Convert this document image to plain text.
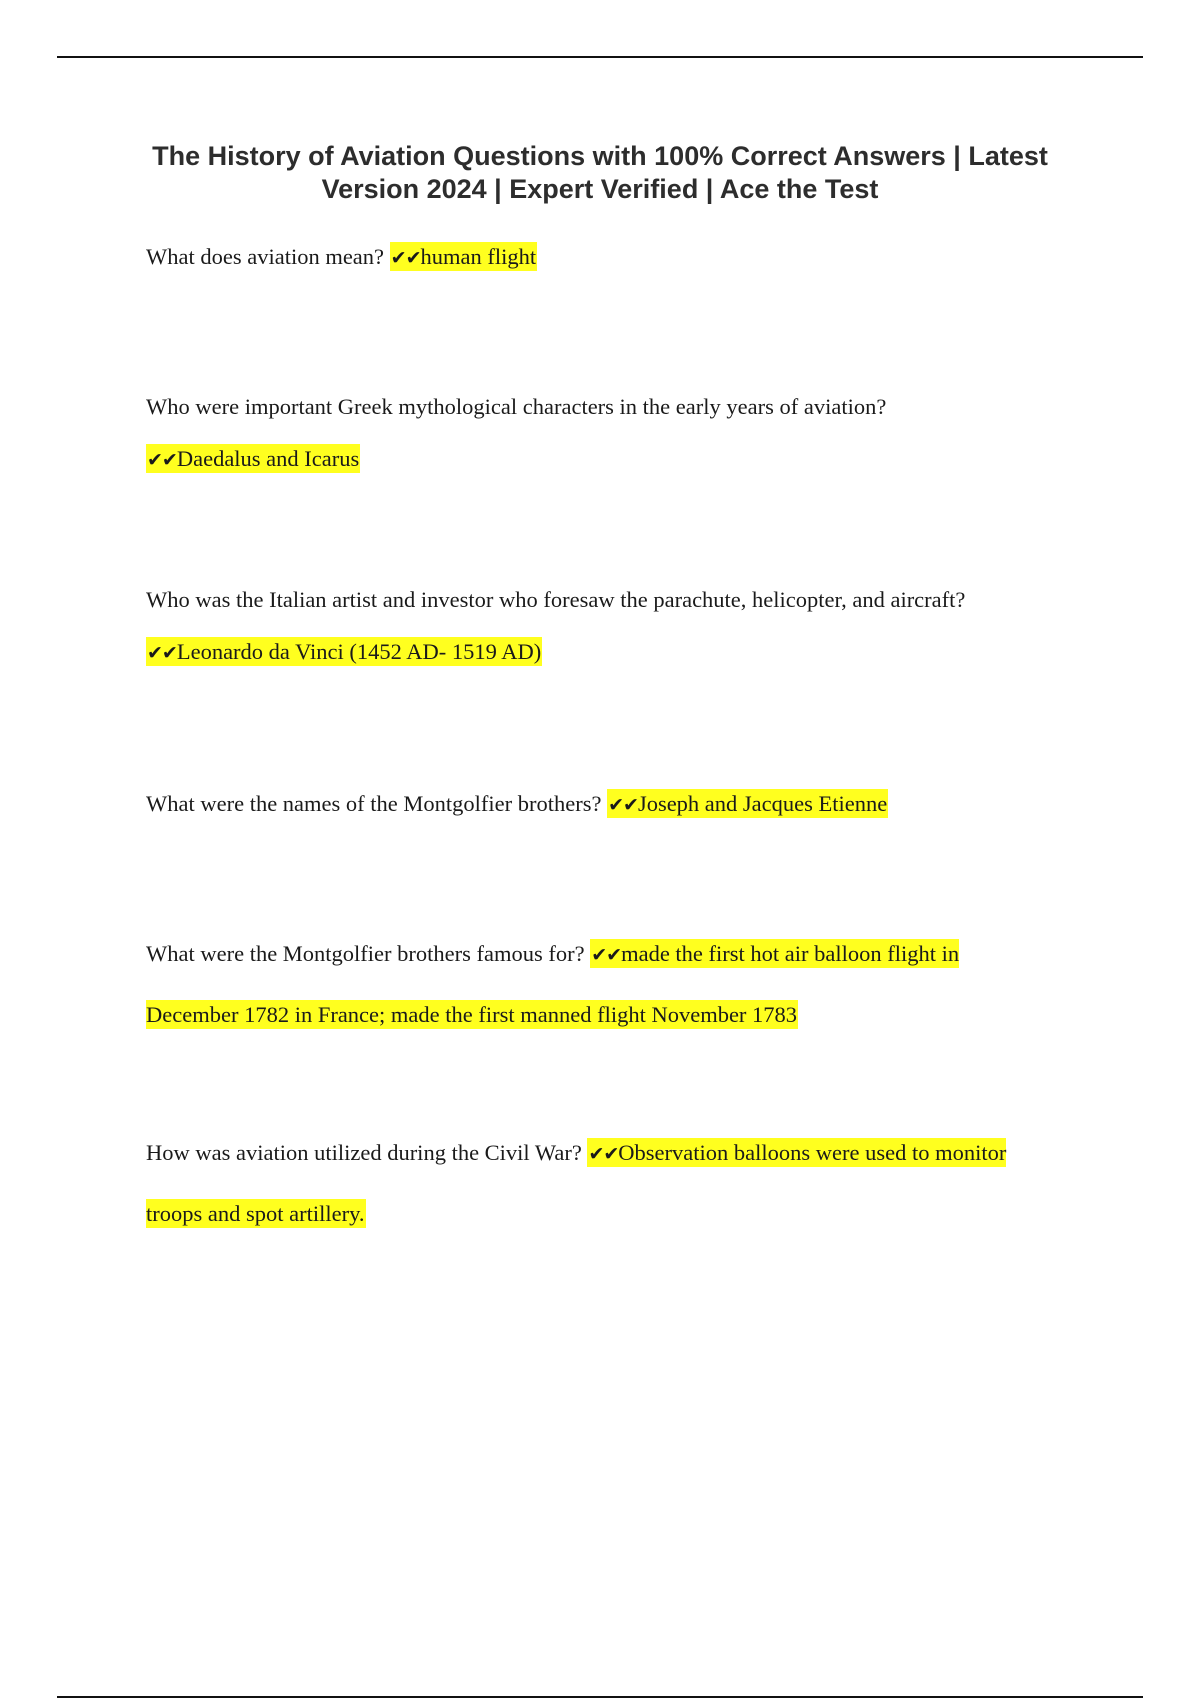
The History of Aviation Questions with 100% Correct Answers | Latest Version 2024 | Expert Verified | Ace the Test

What does aviation mean? ✔✔human flight

Who were important Greek mythological characters in the early years of aviation?
✔✔Daedalus and Icarus

Who was the Italian artist and investor who foresaw the parachute, helicopter, and aircraft?
✔✔Leonardo da Vinci (1452 AD- 1519 AD)

What were the names of the Montgolfier brothers? ✔✔Joseph and Jacques Etienne

What were the Montgolfier brothers famous for? ✔✔made the first hot air balloon flight in December 1782 in France; made the first manned flight November 1783

How was aviation utilized during the Civil War? ✔✔Observation balloons were used to monitor troops and spot artillery.
